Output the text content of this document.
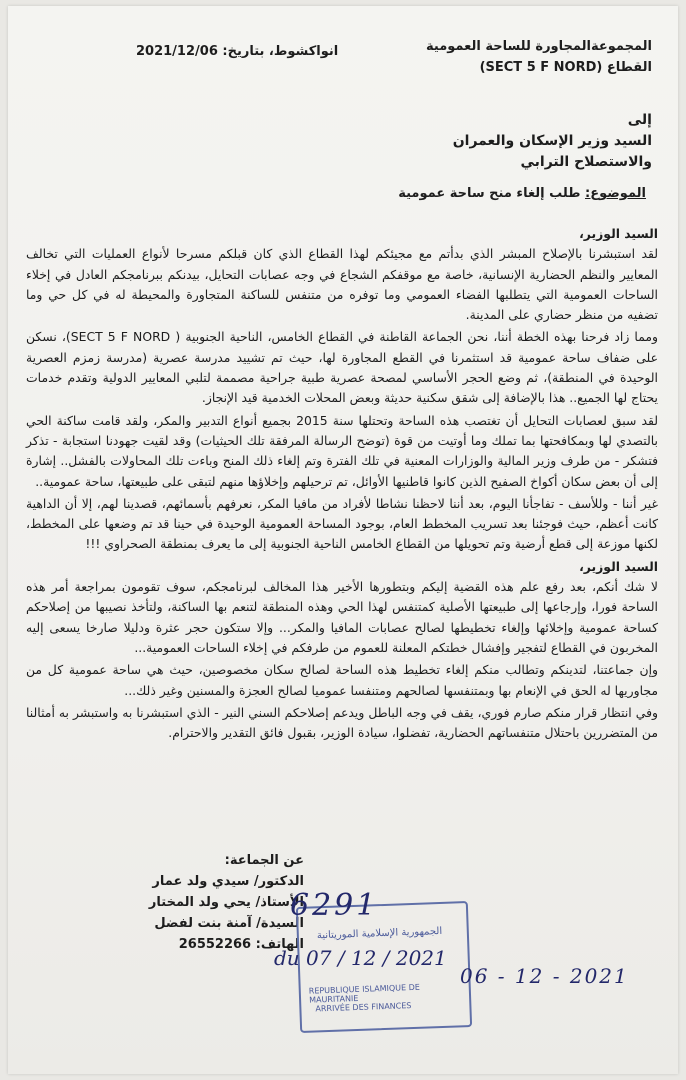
المجموعةالمجاورة للساحة العمومية
القطاع (SECT 5 F NORD)
انواكشوط، بتاريخ: 2021/12/06
إلى
السيد وزير الإسكان والعمران
والاستصلاح الترابي
الموضوع: طلب إلغاء منح ساحة عمومية

السيد الوزير،

لقد استبشرنا بالإصلاح المبشر الذي بدأتم مع مجيئكم لهذا القطاع الذي كان قبلكم مسرحا لأنواع العمليات التي تخالف المعايير والنظم الحضارية الإنسانية، خاصة مع موقفكم الشجاع في وجه عصابات التحايل، بيدنكم ببرنامجكم العادل في إخلاء الساحات العمومية التي يتطلبها الفضاء العمومي وما توفره من متنفس للساكنة المتجاورة والمحيطة له في كل حي وما تضفيه من منظر حضاري على المدينة.

ومما زاد فرحنا بهذه الخطة أننا، نحن الجماعة القاطنة في القطاع الخامس، الناحية الجنوبية ( SECT 5 F NORD)، نسكن على ضفاف ساحة عمومية قد استثمرنا في القطع المجاورة لها، حيث تم تشييد مدرسة عصرية (مدرسة زمزم العصرية الوحيدة في المنطقة)، ثم وضع الحجر الأساسي لمصحة عصرية طبية جراحية مصممة لتلبي المعايير الدولية وتقدم خدمات يحتاج لها الجميع.. هذا بالإضافة إلى شقق سكنية حديثة وبعض المحلات الخدمية قيد الإنجاز.

لقد سبق لعصابات التحايل أن تغتصب هذه الساحة وتحتلها سنة 2015 بجميع أنواع التدبير والمكر، ولقد قامت ساكنة الحي بالتصدي لها وبمكافحتها بما تملك وما أوتيت من قوة (توضح الرسالة المرفقة تلك الحيثيات) وقد لقيت جهودنا استجابة - تذكر فتشكر - من طرف وزير المالية والوزارات المعنية في تلك الفترة وتم إلغاء ذلك المنح وباءت تلك المحاولات بالفشل.. إشارة إلى أن بعض سكان أكواخ الصفيح الذين كانوا قاطنيها الأوائل، تم ترحيلهم وإخلاؤها منهم لتبقى على طبيعتها، ساحة عمومية..

غير أننا - وللأسف - تفاجأنا اليوم، بعد أننا لاحظنا نشاطا لأفراد من مافيا المكر، نعرفهم بأسمائهم، قصدينا لهم، إلا أن الداهية كانت أعظم، حيث فوجئنا بعد تسريب المخطط العام، بوجود المساحة العمومية الوحيدة في حينا قد تم وضعها على المخطط، لكنها موزعة إلى قطع أرضية وتم تحويلها من القطاع الخامس الناحية الجنوبية إلى ما يعرف بمنطقة الصحراوي !!!

السيد الوزير،

لا شك أنكم، بعد رفع علم هذه القضية إليكم وبتطورها الأخير هذا المخالف لبرنامجكم، سوف تقومون بمراجعة أمر هذه الساحة فورا، وإرجاعها إلى طبيعتها الأصلية كمتنفس لهذا الحي وهذه المنطقة لتنعم بها الساكنة، ولتأخذ نصيبها من إصلاحكم كساحة عمومية وإخلائها وإلغاء تخطيطها لصالح عصابات المافيا والمكر... وإلا ستكون حجر عثرة ودليلا صارخا يسعى إليه المخربون في القطاع لتفجير وإفشال خطتكم المعلنة للعموم من طرفكم في إخلاء الساحات العمومية...

وإن جماعتنا، لتدينكم وتطالب منكم إلغاء تخطيط هذه الساحة لصالح سكان مخصوصين، حيث هي ساحة عمومية كل من مجاوريها له الحق في الإنعام بها وبمتنفسها لصالحهم ومتنفسا عموميا لصالح العجزة والمسنين وغير ذلك...

وفي انتظار قرار منكم صارم فوري، يقف في وجه الباطل ويدعم إصلاحكم السني النير - الذي استبشرنا به واستبشر به أمثالنا من المتضررين باحتلال متنفساتهم الحضارية، تفضلوا، سيادة الوزير، بقبول فائق التقدير والاحترام.

عن الجماعة:
الدكتور/ سيدي ولد عمار
الأستاذ/ يحي ولد المختار
السيدة/ آمنة بنت لفضل
الهاتف: 26552266
الجمهورية الإسلامية الموريتانية
REPUBLIQUE ISLAMIQUE DE MAURITANIE
ARRIVÉE DES FINANCES
6291
du 07 / 12 / 2021
06 - 12 - 2021
